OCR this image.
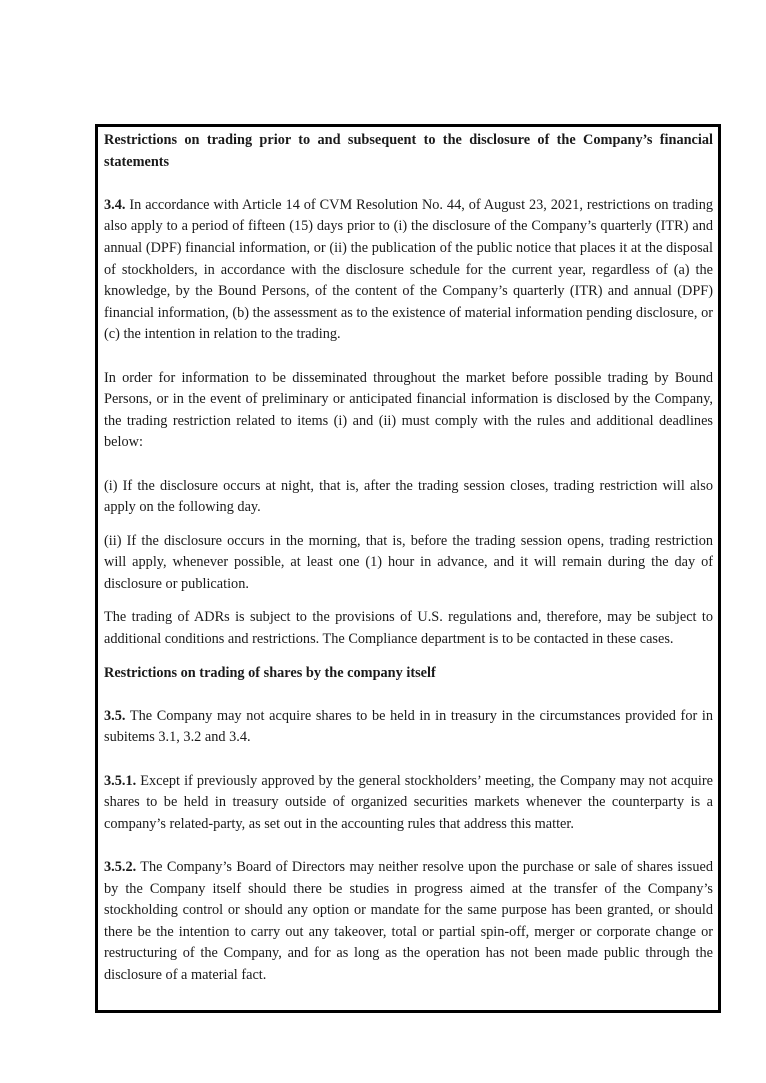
Restrictions on trading prior to and subsequent to the disclosure of the Company’s financial statements

3.4. In accordance with Article 14 of CVM Resolution No. 44, of August 23, 2021, restrictions on trading also apply to a period of fifteen (15) days prior to (i) the disclosure of the Company’s quarterly (ITR) and annual (DPF) financial information, or (ii) the publication of the public notice that places it at the disposal of stockholders, in accordance with the disclosure schedule for the current year, regardless of (a) the knowledge, by the Bound Persons, of the content of the Company’s quarterly (ITR) and annual (DPF) financial information, (b) the assessment as to the existence of material information pending disclosure, or (c) the intention in relation to the trading.

In order for information to be disseminated throughout the market before possible trading by Bound Persons, or in the event of preliminary or anticipated financial information is disclosed by the Company, the trading restriction related to items (i) and (ii) must comply with the rules and additional deadlines below:

(i) If the disclosure occurs at night, that is, after the trading session closes, trading restriction will also apply on the following day.

(ii) If the disclosure occurs in the morning, that is, before the trading session opens, trading restriction will apply, whenever possible, at least one (1) hour in advance, and it will remain during the day of disclosure or publication.

The trading of ADRs is subject to the provisions of U.S. regulations and, therefore, may be subject to additional conditions and restrictions. The Compliance department is to be contacted in these cases.

Restrictions on trading of shares by the company itself

3.5. The Company may not acquire shares to be held in in treasury in the circumstances provided for in subitems 3.1, 3.2 and 3.4.

3.5.1. Except if previously approved by the general stockholders’ meeting, the Company may not acquire shares to be held in treasury outside of organized securities markets whenever the counterparty is a company’s related-party, as set out in the accounting rules that address this matter.

3.5.2. The Company’s Board of Directors may neither resolve upon the purchase or sale of shares issued by the Company itself should there be studies in progress aimed at the transfer of the Company’s stockholding control or should any option or mandate for the same purpose has been granted, or should there be the intention to carry out any takeover, total or partial spin-off, merger or corporate change or restructuring of the Company, and for as long as the operation has not been made public through the disclosure of a material fact.
